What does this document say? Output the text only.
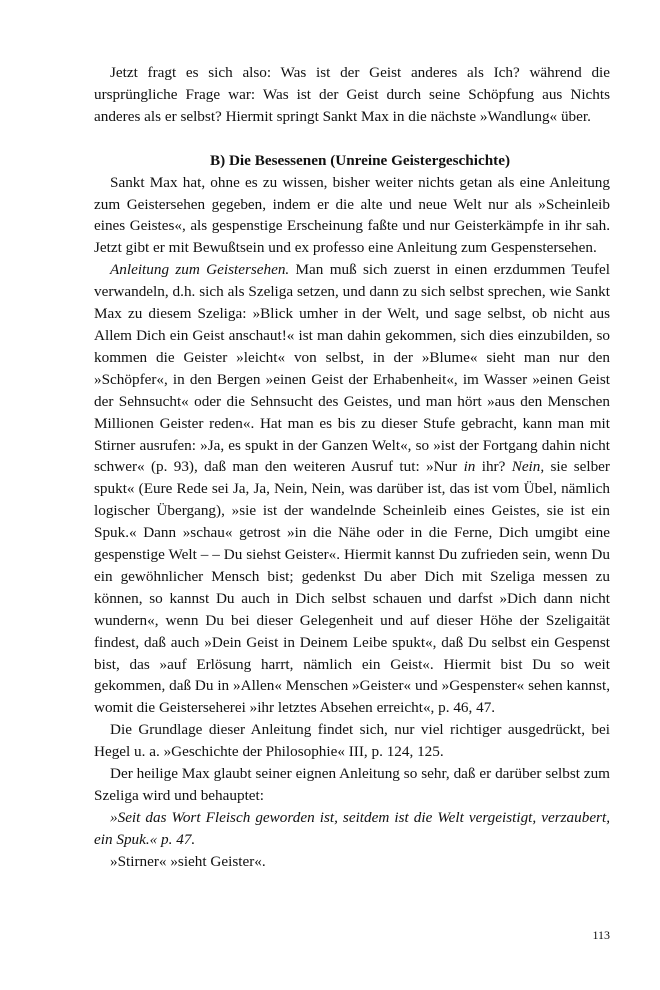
Jetzt fragt es sich also: Was ist der Geist anderes als Ich? während die ursprüngliche Frage war: Was ist der Geist durch seine Schöpfung aus Nichts anderes als er selbst? Hiermit springt Sankt Max in die nächste »Wandlung« über.

B) Die Besessenen (Unreine Geistergeschichte)

Sankt Max hat, ohne es zu wissen, bisher weiter nichts getan als eine Anleitung zum Geistersehen gegeben, indem er die alte und neue Welt nur als »Scheinleib eines Geistes«, als gespenstige Erscheinung faßte und nur Geisterkämpfe in ihr sah. Jetzt gibt er mit Bewußtsein und ex professo eine Anleitung zum Gespenstersehen.

Anleitung zum Geistersehen. Man muß sich zuerst in einen erzdummen Teufel verwandeln, d.h. sich als Szeliga setzen, und dann zu sich selbst sprechen, wie Sankt Max zu diesem Szeliga: »Blick umher in der Welt, und sage selbst, ob nicht aus Allem Dich ein Geist anschaut!« ist man dahin gekommen, sich dies einzubilden, so kommen die Geister »leicht« von selbst, in der »Blume« sieht man nur den »Schöpfer«, in den Bergen »einen Geist der Erhabenheit«, im Wasser »einen Geist der Sehnsucht« oder die Sehnsucht des Geistes, und man hört »aus den Menschen Millionen Geister reden«. Hat man es bis zu dieser Stufe gebracht, kann man mit Stirner ausrufen: »Ja, es spukt in der Ganzen Welt«, so »ist der Fortgang dahin nicht schwer« (p. 93), daß man den weiteren Ausruf tut: »Nur in ihr? Nein, sie selber spukt« (Eure Rede sei Ja, Ja, Nein, Nein, was darüber ist, das ist vom Übel, nämlich logischer Übergang), »sie ist der wandelnde Scheinleib eines Geistes, sie ist ein Spuk.« Dann »schau« getrost »in die Nähe oder in die Ferne, Dich umgibt eine gespenstige Welt – – Du siehst Geister«. Hiermit kannst Du zufrieden sein, wenn Du ein gewöhnlicher Mensch bist; gedenkst Du aber Dich mit Szeliga messen zu können, so kannst Du auch in Dich selbst schauen und darfst »Dich dann nicht wundern«, wenn Du bei dieser Gelegenheit und auf dieser Höhe der Szeligaität findest, daß auch »Dein Geist in Deinem Leibe spukt«, daß Du selbst ein Gespenst bist, das »auf Erlösung harrt, nämlich ein Geist«. Hiermit bist Du so weit gekommen, daß Du in »Allen« Menschen »Geister« und »Gespenster« sehen kannst, womit die Geisterseherei »ihr letztes Absehen erreicht«, p. 46, 47.

Die Grundlage dieser Anleitung findet sich, nur viel richtiger ausgedrückt, bei Hegel u. a. »Geschichte der Philosophie« III, p. 124, 125.

Der heilige Max glaubt seiner eignen Anleitung so sehr, daß er darüber selbst zum Szeliga wird und behauptet:

»Seit das Wort Fleisch geworden ist, seitdem ist die Welt vergeistigt, verzaubert, ein Spuk.« p. 47.

»Stirner« »sieht Geister«.

113
